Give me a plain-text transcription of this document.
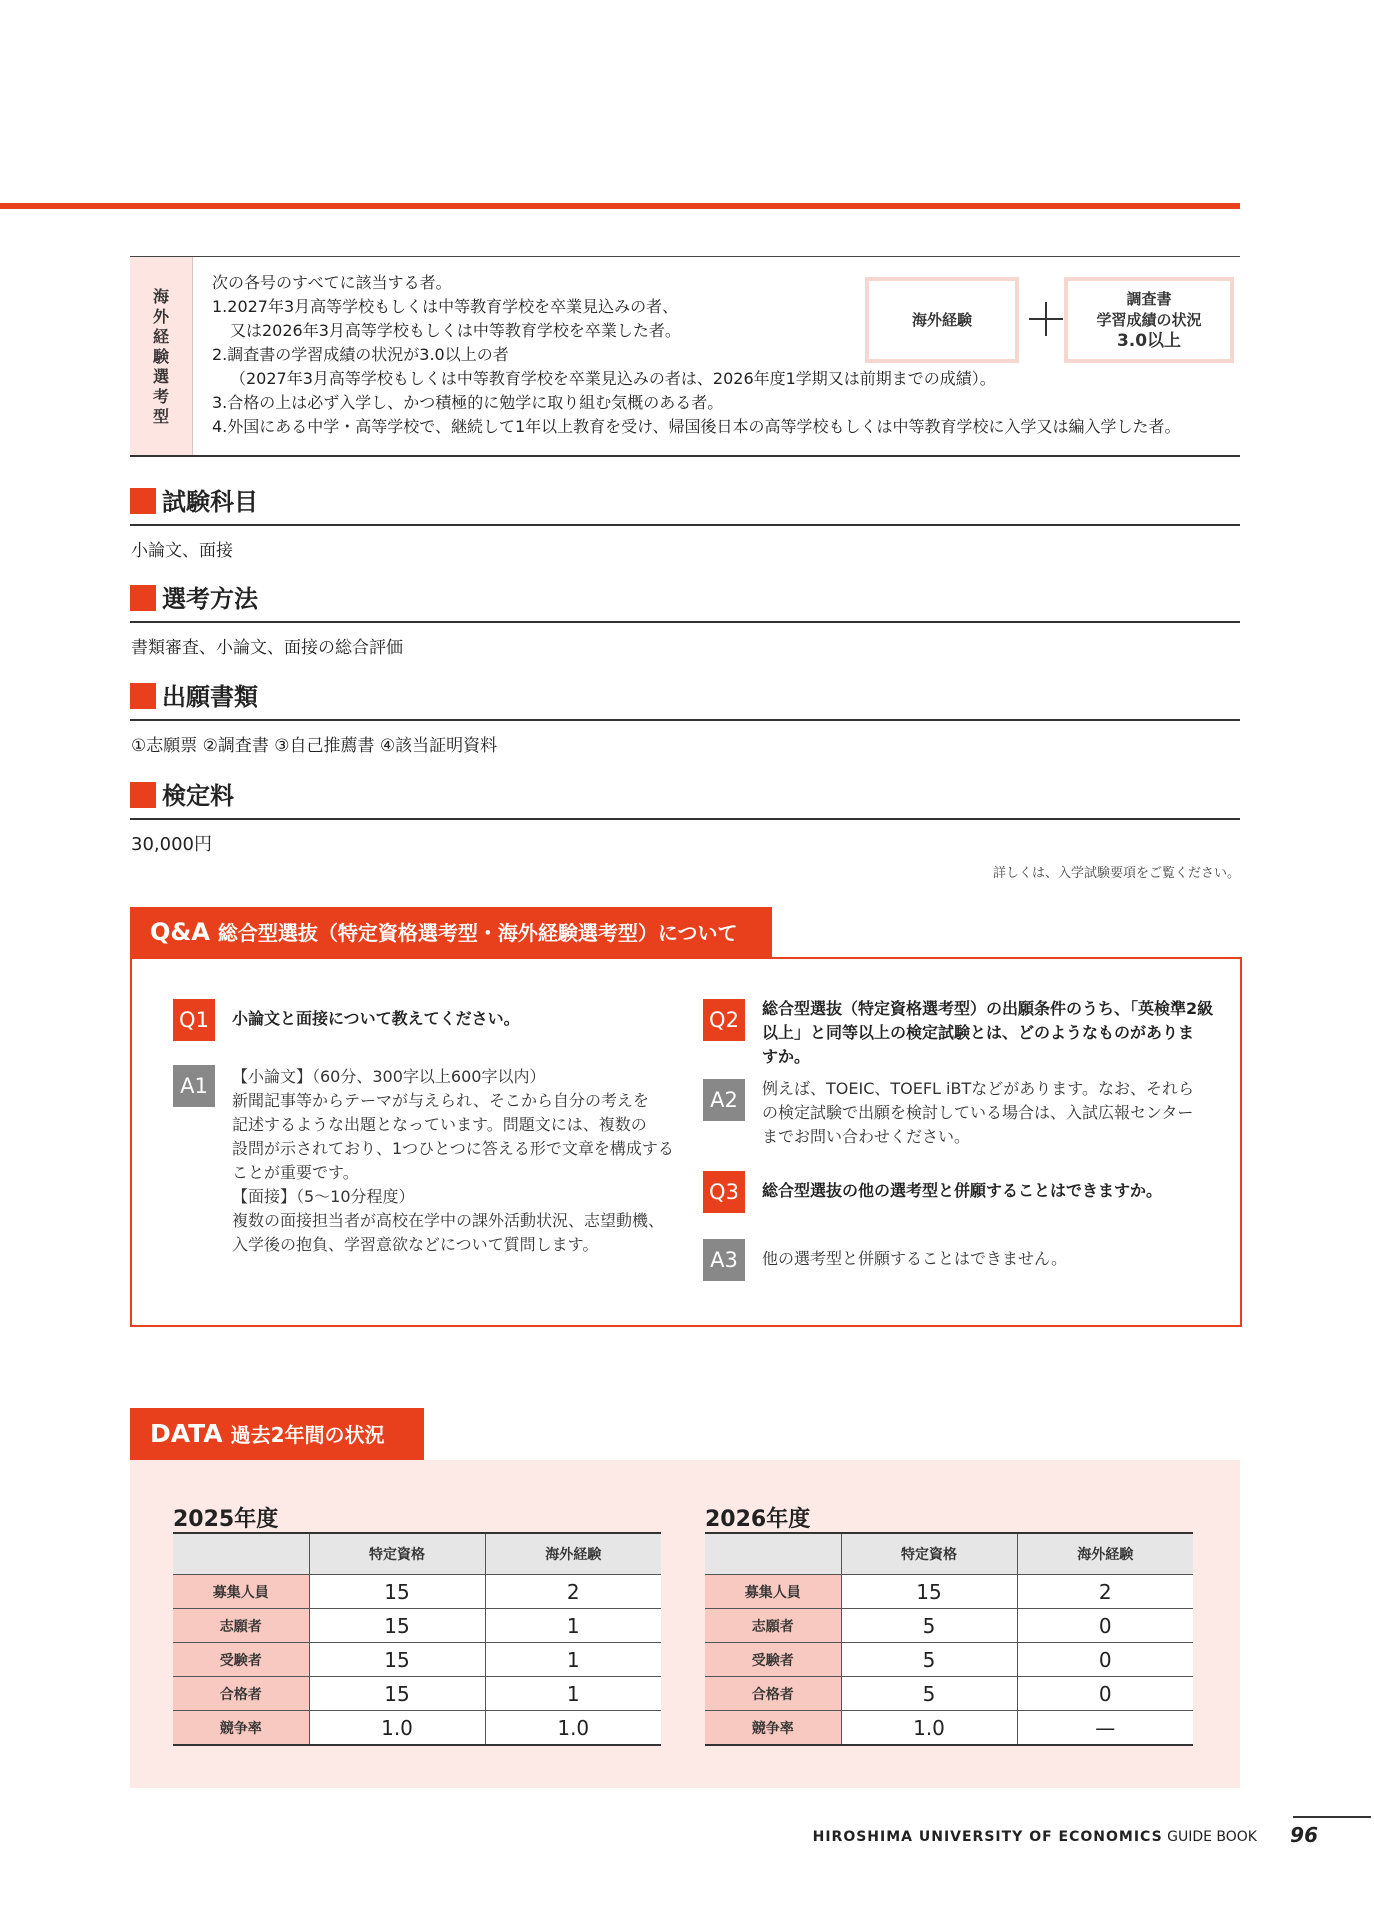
海
外
経
験
選
考
型
次の各号のすべてに該当する者。
1.2027年3月高等学校もしくは中等教育学校を卒業見込みの者、
又は2026年3月高等学校もしくは中等教育学校を卒業した者。
2.調査書の学習成績の状況が3.0以上の者
（2027年3月高等学校もしくは中等教育学校を卒業見込みの者は、2026年度1学期又は前期までの成績）。
3.合格の上は必ず入学し、かつ積極的に勉学に取り組む気概のある者。
4.外国にある中学・高等学校で、継続して1年以上教育を受け、帰国後日本の高等学校もしくは中等教育学校に入学又は編入学した者。
海外経験
調査書
学習成績の状況
3.0以上
試験科目
小論文、面接
選考方法
書類審査、小論文、面接の総合評価
出願書類
①志願票 ②調査書 ③自己推薦書 ④該当証明資料
検定料
30,000円
詳しくは、入学試験要項をご覧ください。
Q&A 総合型選抜（特定資格選考型・海外経験選考型）について
Q1	小論文と面接について教えてください。
A1	【小論文】（60分、300字以上600字以内）
新聞記事等からテーマが与えられ、そこから自分の考えを
記述するような出題となっています。問題文には、複数の
設問が示されており、1つひとつに答える形で文章を構成する
ことが重要です。
【面接】（5〜10分程度）
複数の面接担当者が高校在学中の課外活動状況、志望動機、
入学後の抱負、学習意欲などについて質問します。
Q2	総合型選抜（特定資格選考型）の出願条件のうち、「英検準2級
以上」と同等以上の検定試験とは、どのようなものがありま
すか。
A2	例えば、TOEIC、TOEFL iBTなどがあります。なお、それら
の検定試験で出願を検討している場合は、入試広報センター
までお問い合わせください。
Q3	総合型選抜の他の選考型と併願することはできますか。
A3	他の選考型と併願することはできません。
DATA 過去2年間の状況
2025年度
	特定資格	海外経験
募集人員	15	2
志願者	15	1
受験者	15	1
合格者	15	1
競争率	1.0	1.0
2026年度
	特定資格	海外経験
募集人員	15	2
志願者	5	0
受験者	5	0
合格者	5	0
競争率	1.0	—
HIROSHIMA UNIVERSITY OF ECONOMICS GUIDE BOOK 96
